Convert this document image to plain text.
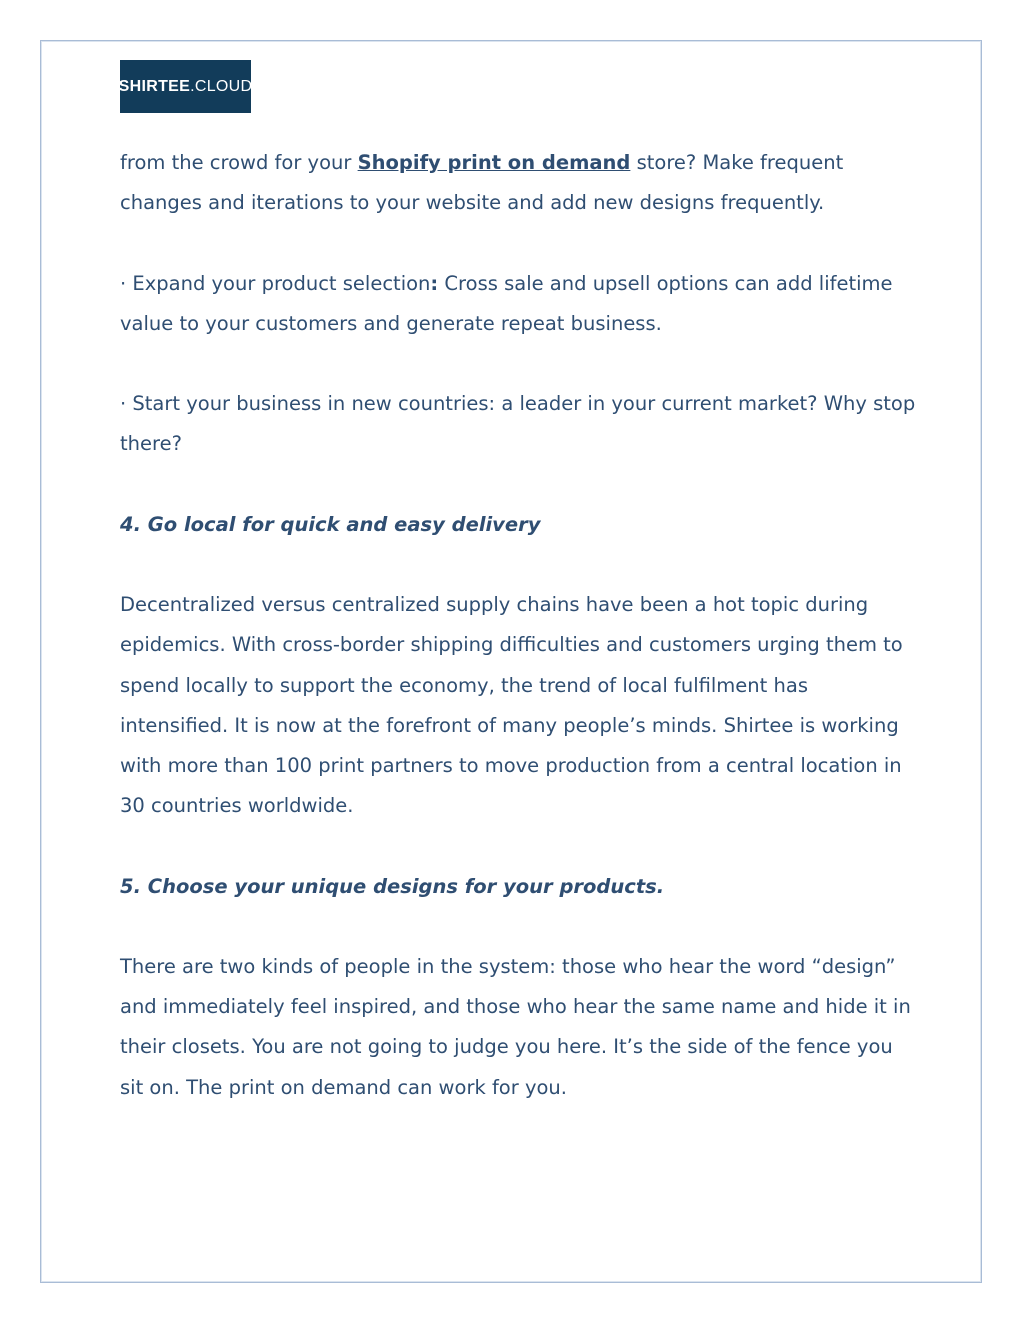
SHIRTEE .CLOUD

from the crowd for your Shopify print on demand store? Make frequent changes and iterations to your website and add new designs frequently.

· Expand your product selection: Cross sale and upsell options can add lifetime value to your customers and generate repeat business.

· Start your business in new countries: a leader in your current market? Why stop there?

4. Go local for quick and easy delivery

Decentralized versus centralized supply chains have been a hot topic during epidemics. With cross-border shipping difficulties and customers urging them to spend locally to support the economy, the trend of local fulfilment has intensified. It is now at the forefront of many people’s minds. Shirtee is working with more than 100 print partners to move production from a central location in 30 countries worldwide.

5. Choose your unique designs for your products.

There are two kinds of people in the system: those who hear the word “design” and immediately feel inspired, and those who hear the same name and hide it in their closets. You are not going to judge you here. It’s the side of the fence you sit on. The print on demand can work for you.
